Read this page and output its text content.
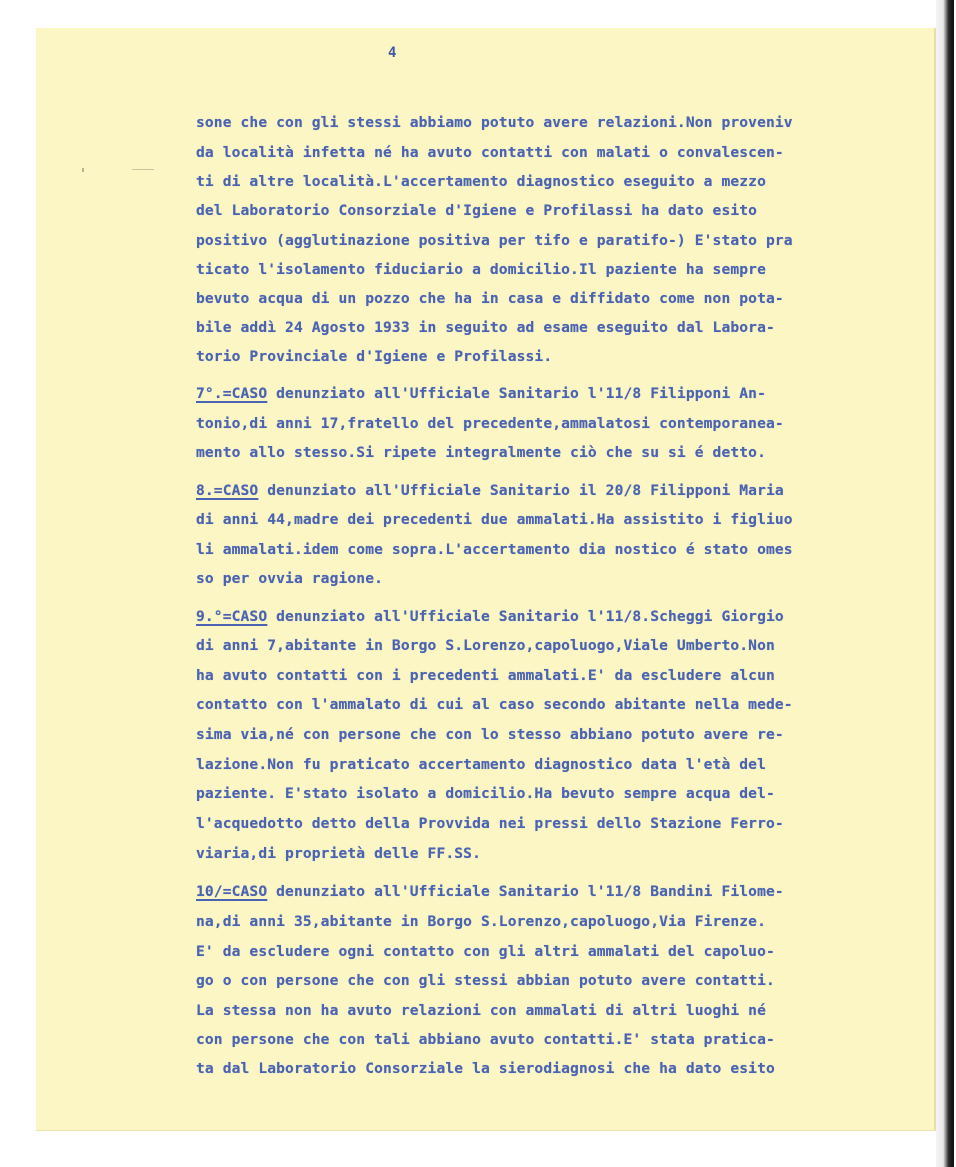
4
sone che con gli stessi abbiamo potuto avere relazioni.Non proveniv
da località infetta né ha avuto contatti con malati o convalescen-
ti di altre località.L'accertamento diagnostico eseguito a mezzo
del Laboratorio Consorziale d'Igiene e Profilassi ha dato esito
positivo (agglutinazione positiva per tifo e paratifo-) E'stato pra
ticato l'isolamento fiduciario a domicilio.Il paziente ha sempre
bevuto acqua di un pozzo che ha in casa e diffidato come non pota-
bile addì 24 Agosto 1933 in seguito ad esame eseguito dal Labora-
torio Provinciale d'Igiene e Profilassi.
7°.=CASO denunziato all'Ufficiale Sanitario l'11/8 Filipponi An-
tonio,di anni 17,fratello del precedente,ammalatosi contemporanea-
mento allo stesso.Si ripete integralmente ciò che su si é detto.
8.=CASO denunziato all'Ufficiale Sanitario il 20/8 Filipponi Maria
di anni 44,madre dei precedenti due ammalati.Ha assistito i figliuo
li ammalati.idem come sopra.L'accertamento dia nostico é stato omes
so per ovvia ragione.
9.°=CASO denunziato all'Ufficiale Sanitario l'11/8.Scheggi Giorgio
di anni 7,abitante in Borgo S.Lorenzo,capoluogo,Viale Umberto.Non
ha avuto contatti con i precedenti ammalati.E' da escludere alcun
contatto con l'ammalato di cui al caso secondo abitante nella mede-
sima via,né con persone che con lo stesso abbiano potuto avere re-
lazione.Non fu praticato accertamento diagnostico data l'età del
paziente. E'stato isolato a domicilio.Ha bevuto sempre acqua del-
l'acquedotto detto della Provvida nei pressi dello Stazione Ferro-
viaria,di proprietà delle FF.SS.
10/=CASO denunziato all'Ufficiale Sanitario l'11/8 Bandini Filome-
na,di anni 35,abitante in Borgo S.Lorenzo,capoluogo,Via Firenze.
E' da escludere ogni contatto con gli altri ammalati del capoluo-
go o con persone che con gli stessi abbian potuto avere contatti.
La stessa non ha avuto relazioni con ammalati di altri luoghi né
con persone che con tali abbiano avuto contatti.E' stata pratica-
ta dal Laboratorio Consorziale la sierodiagnosi che ha dato esito
